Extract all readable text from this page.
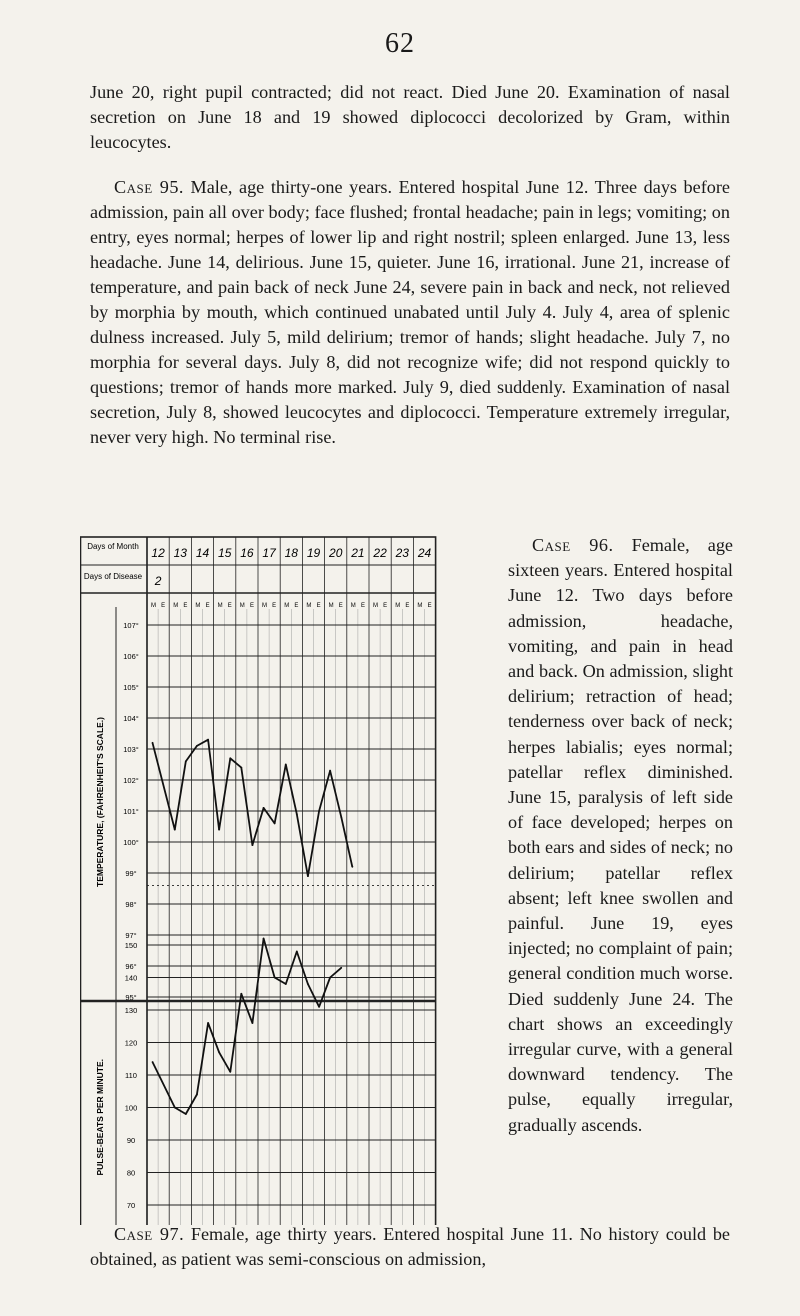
62

June 20, right pupil contracted; did not react. Died June 20. Examination of nasal secretion on June 18 and 19 showed diplococci decolorized by Gram, within leucocytes.

Case 95. Male, age thirty-one years. Entered hospital June 12. Three days before admission, pain all over body; face flushed; frontal headache; pain in legs; vomiting; on entry, eyes normal; herpes of lower lip and right nostril; spleen enlarged. June 13, less headache. June 14, delirious. June 15, quieter. June 16, irrational. June 21, increase of temperature, and pain back of neck June 24, severe pain in back and neck, not relieved by morphia by mouth, which continued unabated until July 4. July 4, area of splenic dulness increased. July 5, mild delirium; tremor of hands; slight headache. July 7, no morphia for several days. July 8, did not recognize wife; did not respond quickly to questions; tremor of hands more marked. July 9, died suddenly. Examination of nasal secretion, July 8, showed leucocytes and diplococci. Temperature extremely irregular, never very high. No terminal rise.

Days of Month
Days of Disease
12
2
M E
13
M E
14
M E
15
M E
16
M E
17
M E
18
M E
19
M E
20
M E
21
M E
22
M E
23
M E
24
M E
107°
106°
105°
104°
103°
102°
101°
100°
99°
98°
97°
96°
95°
150
140
130
120
110
100
90
80
70
TEMPERATURE, (FAHRENHEIT'S SCALE.)
PULSE-BEATS PER MINUTE.

Case 96. Female, age sixteen years. Entered hospital June 12. Two days before admission, headache, vomiting, and pain in head and back. On admission, slight delirium; retraction of head; tenderness over back of neck; herpes labialis; eyes normal; patellar reflex diminished. June 15, paralysis of left side of face developed; herpes on both ears and sides of neck; no delirium; patellar reflex absent; left knee swollen and painful. June 19, eyes injected; no complaint of pain; general condition much worse. Died suddenly June 24. The chart shows an exceedingly irregular curve, with a general downward tendency. The pulse, equally irregular, gradually ascends.

Case 97. Female, age thirty years. Entered hospital June 11. No history could be obtained, as patient was semi-conscious on admission,
